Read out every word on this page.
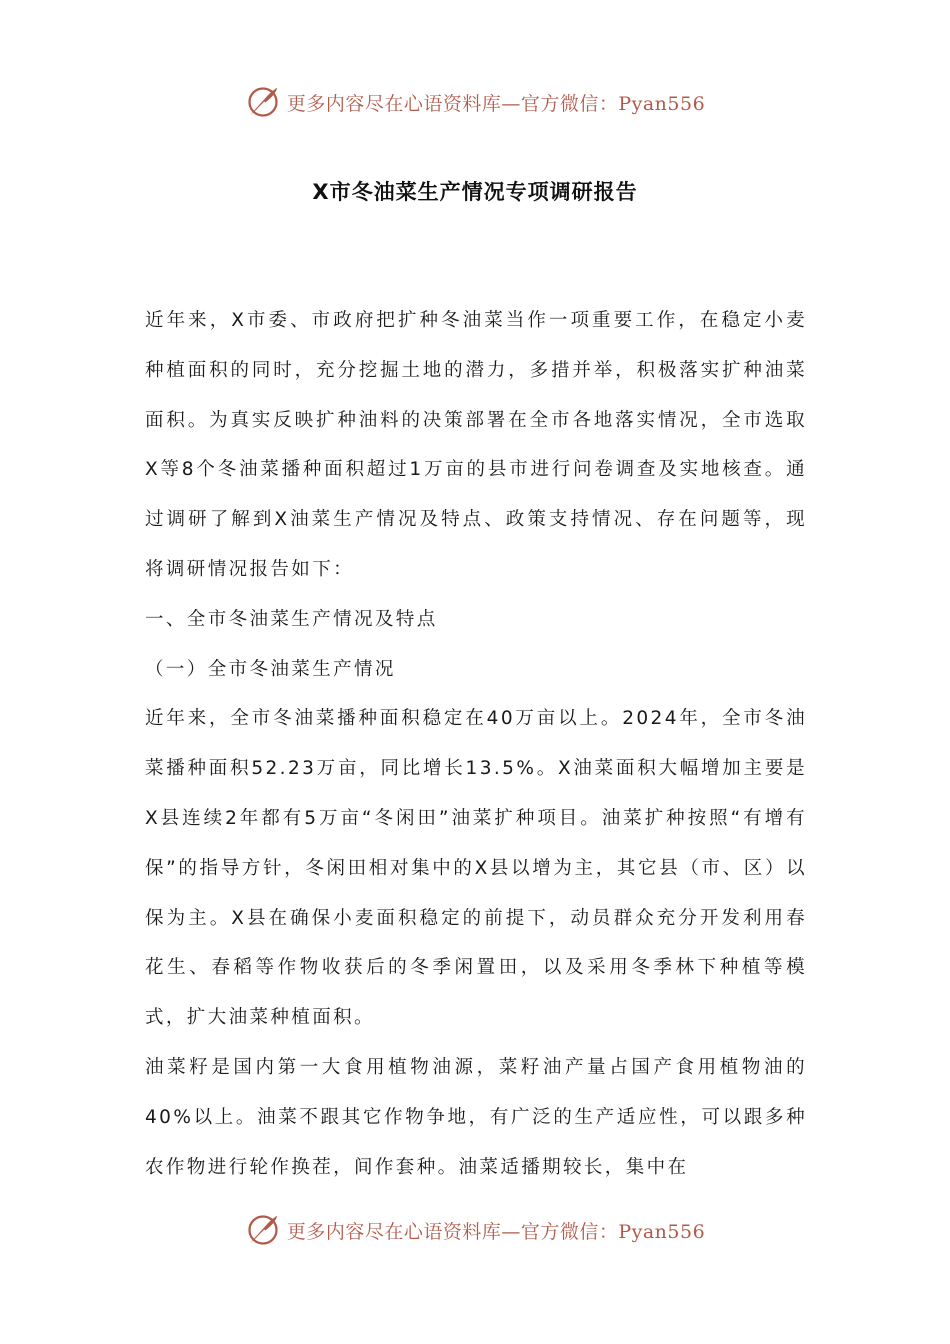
更多内容尽在心语资料库—官方微信：Pyan556
X市冬油菜生产情况专项调研报告

近年来，X市委、市政府把扩种冬油菜当作一项重要工作，在稳定小麦种植面积的同时，充分挖掘土地的潜力，多措并举，积极落实扩种油菜面积。为真实反映扩种油料的决策部署在全市各地落实情况，全市选取X等8个冬油菜播种面积超过1万亩的县市进行问卷调查及实地核查。通过调研了解到X油菜生产情况及特点、政策支持情况、存在问题等，现将调研情况报告如下：

一、全市冬油菜生产情况及特点

（一）全市冬油菜生产情况

近年来，全市冬油菜播种面积稳定在40万亩以上。2024年，全市冬油菜播种面积52.23万亩，同比增长13.5%。X油菜面积大幅增加主要是X县连续2年都有5万亩“冬闲田”油菜扩种项目。油菜扩种按照“有增有保”的指导方针，冬闲田相对集中的X县以增为主，其它县（市、区）以保为主。X县在确保小麦面积稳定的前提下，动员群众充分开发利用春花生、春稻等作物收获后的冬季闲置田，以及采用冬季林下种植等模式，扩大油菜种植面积。

油菜籽是国内第一大食用植物油源，菜籽油产量占国产食用植物油的40%以上。油菜不跟其它作物争地，有广泛的生产适应性，可以跟多种农作物进行轮作换茬，间作套种。油菜适播期较长，集中在

更多内容尽在心语资料库—官方微信：Pyan556
